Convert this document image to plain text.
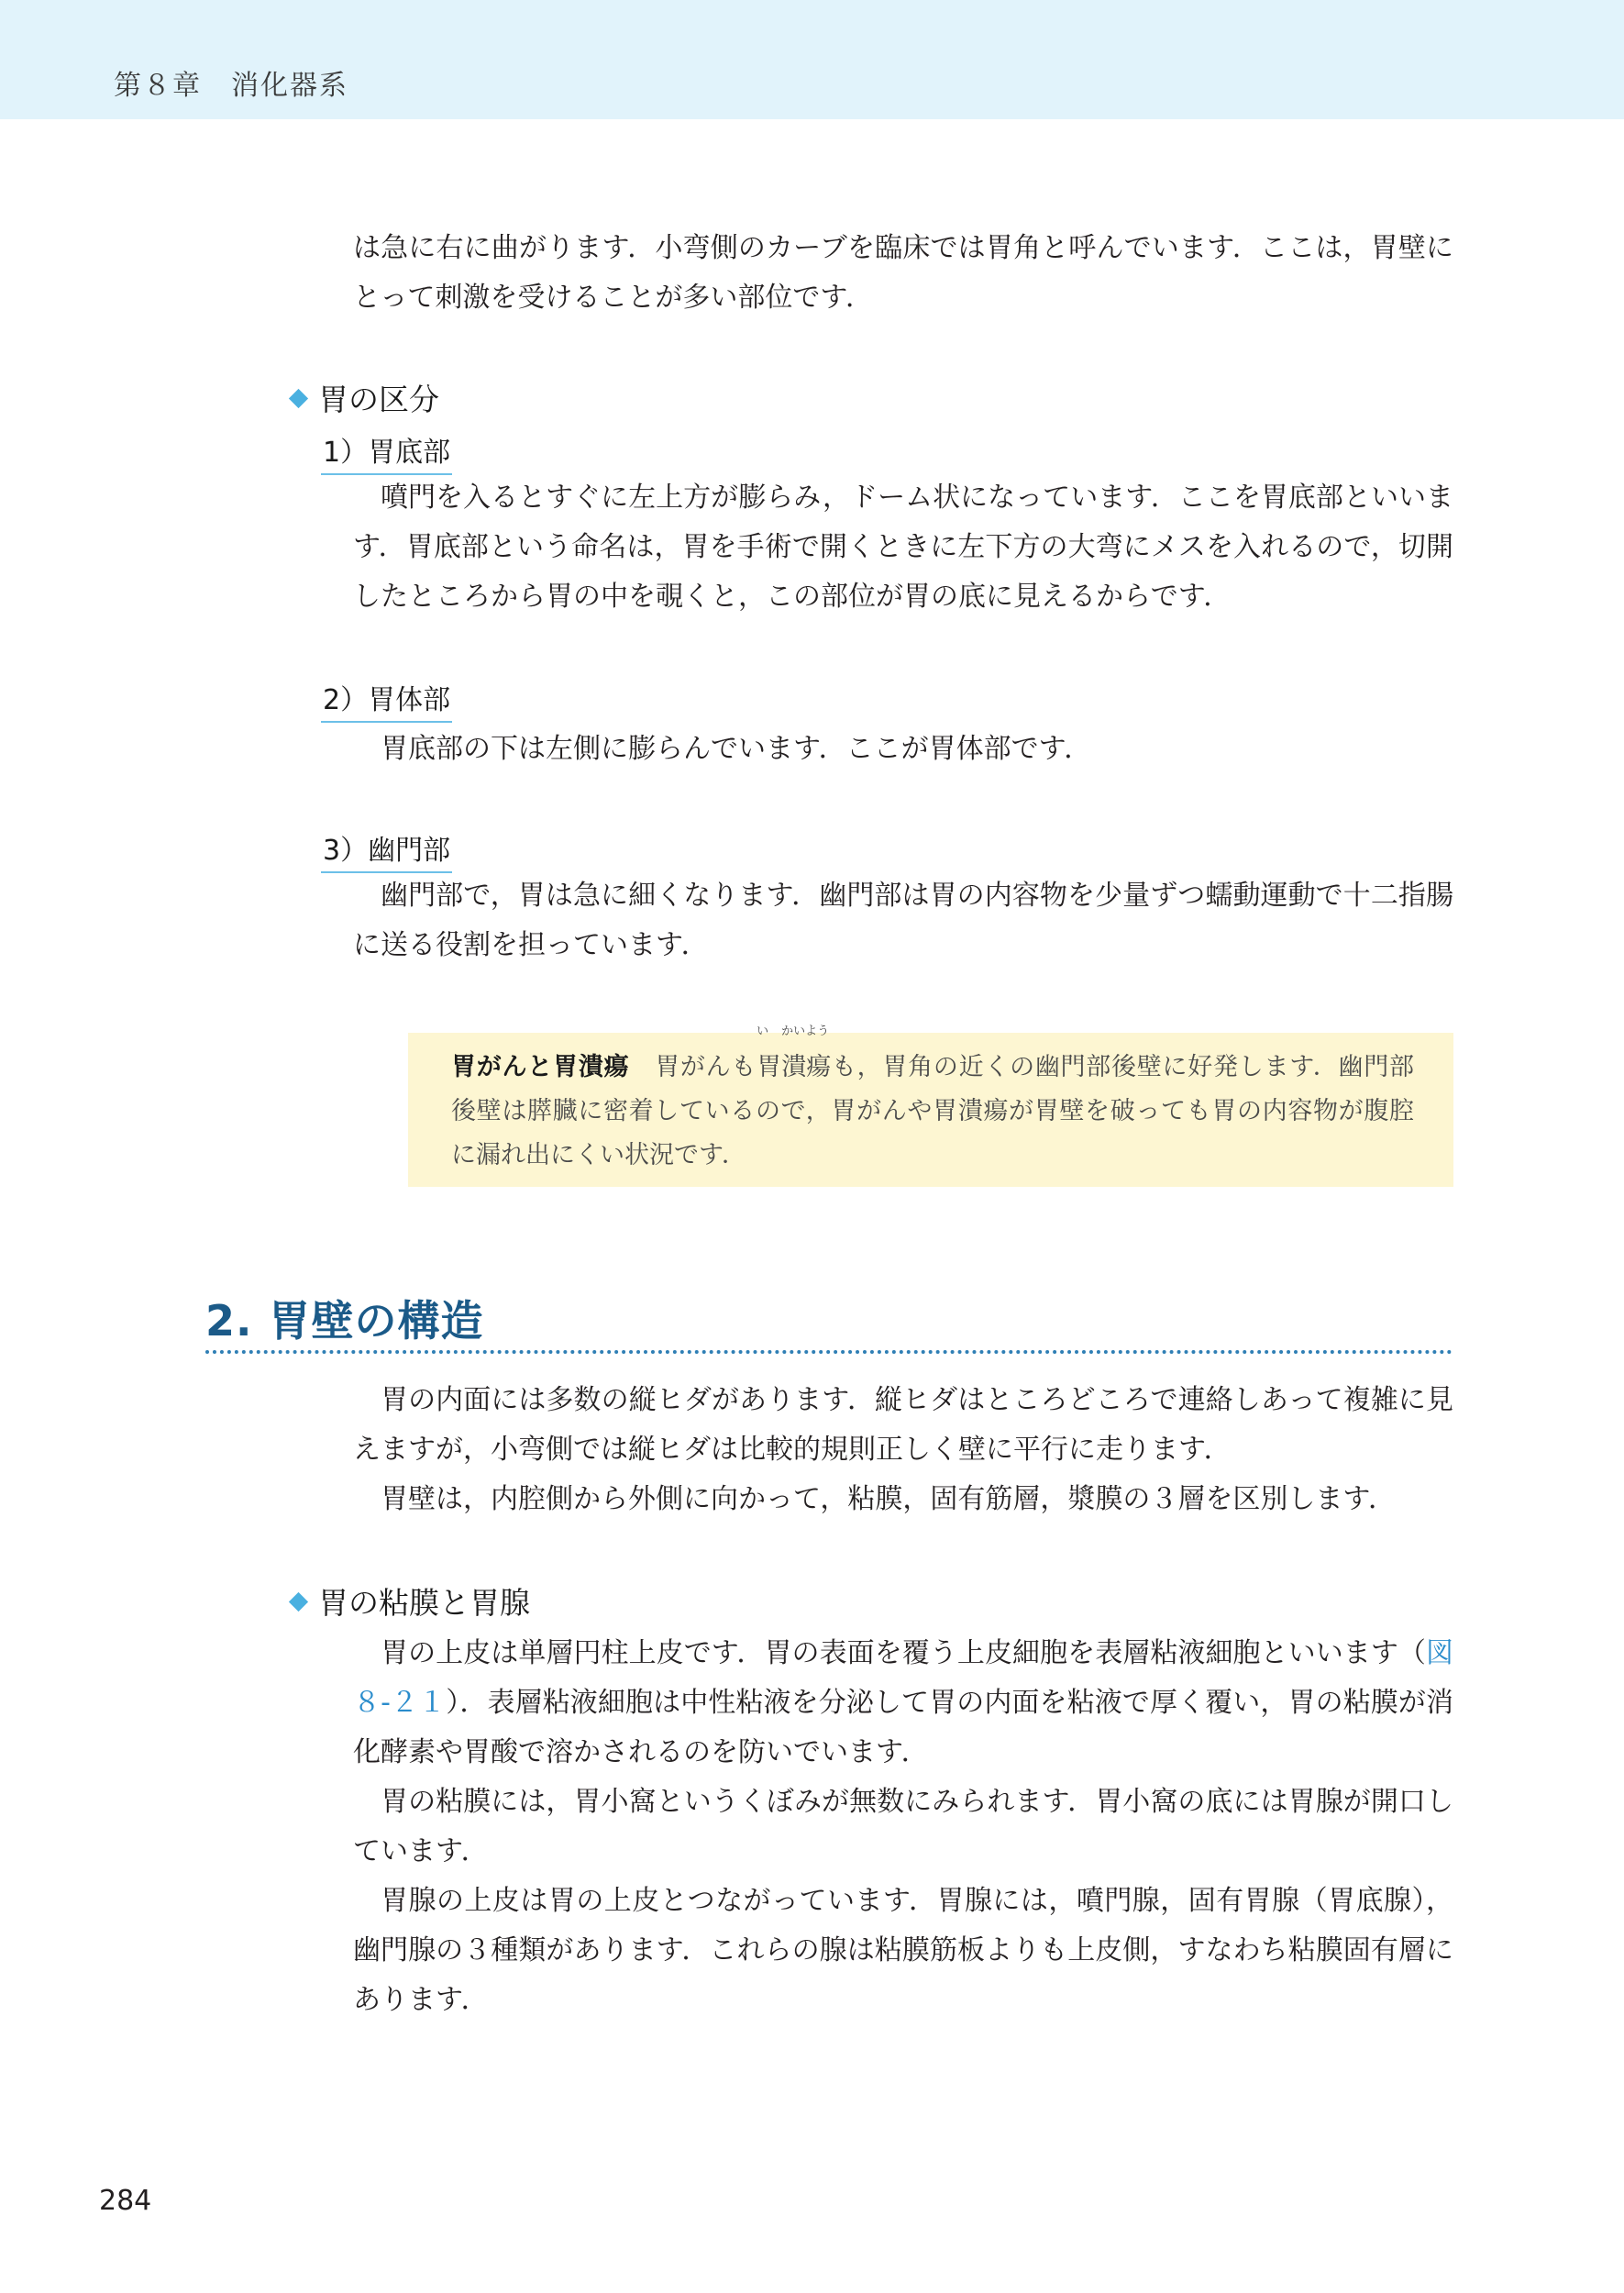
第８章　消化器系

は急に右に曲がります．小弯側のカーブを臨床では胃角と呼んでいます．ここは，胃壁にとって刺激を受けることが多い部位です．

胃の区分
1）胃底部

噴門を入るとすぐに左上方が膨らみ，ドーム状になっています．ここを胃底部といいます．胃底部という命名は，胃を手術で開くときに左下方の大弯にメスを入れるので，切開したところから胃の中を覗くと，この部位が胃の底に見えるからです．

2）胃体部

胃底部の下は左側に膨らんでいます．ここが胃体部です．

3）幽門部

幽門部で，胃は急に細くなります．幽門部は胃の内容物を少量ずつ蠕動運動で十二指腸に送る役割を担っています．

胃がんと胃潰瘍 胃がんも
い
胃
かいよう
潰瘍も，胃角の近くの幽門部後壁に好発します．幽門部後壁は膵臓に密着しているので，胃がんや胃潰瘍が胃壁を破っても胃の内容物が腹腔に漏れ出にくい状況です．

2. 胃壁の構造

胃の内面には多数の縦ヒダがあります．縦ヒダはところどころで連絡しあって複雑に見えますが，小弯側では縦ヒダは比較的規則正しく壁に平行に走ります．

胃壁は，内腔側から外側に向かって，粘膜，固有筋層，漿膜の３層を区別します．

胃の粘膜と胃腺

胃の上皮は単層円柱上皮です．胃の表面を覆う上皮細胞を表層粘液細胞といいます（図８-２１）．表層粘液細胞は中性粘液を分泌して胃の内面を粘液で厚く覆い，胃の粘膜が消化酵素や胃酸で溶かされるのを防いでいます．

胃の粘膜には，胃小窩というくぼみが無数にみられます．胃小窩の底には胃腺が開口しています．

胃腺の上皮は胃の上皮とつながっています．胃腺には，噴門腺，固有胃腺（胃底腺），幽門腺の３種類があります．これらの腺は粘膜筋板よりも上皮側，すなわち粘膜固有層にあります．

284
